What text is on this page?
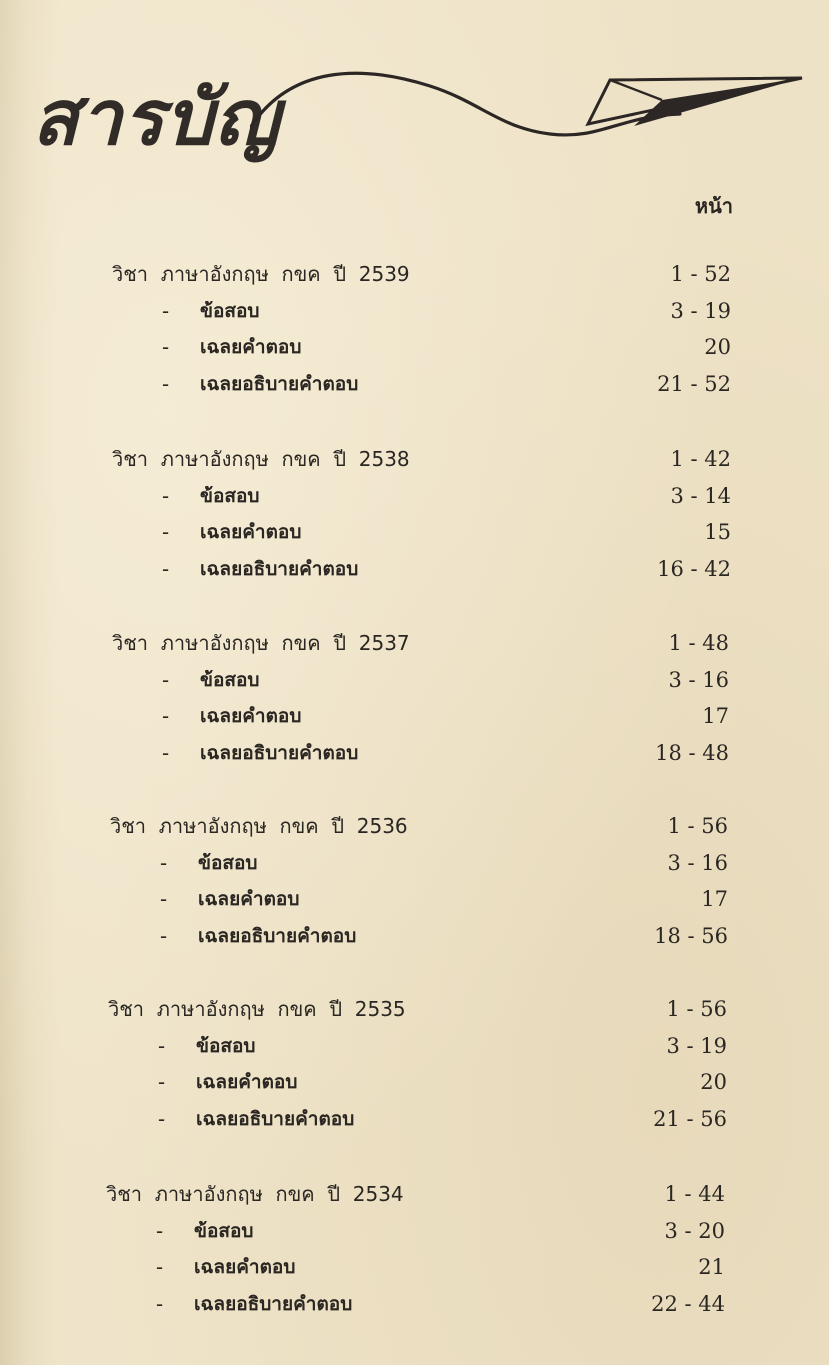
สารบัญ
หน้า
วิชา  ภาษาอังกฤษ  กขค  ปี  2539	1 - 52
- ข้อสอบ	3 - 19
- เฉลยคำตอบ	20
- เฉลยอธิบายคำตอบ	21 - 52
วิชา  ภาษาอังกฤษ  กขค  ปี  2538	1 - 42
- ข้อสอบ	3 - 14
- เฉลยคำตอบ	15
- เฉลยอธิบายคำตอบ	16 - 42
วิชา  ภาษาอังกฤษ  กขค  ปี  2537	1 - 48
- ข้อสอบ	3 - 16
- เฉลยคำตอบ	17
- เฉลยอธิบายคำตอบ	18 - 48
วิชา  ภาษาอังกฤษ  กขค  ปี  2536	1 - 56
- ข้อสอบ	3 - 16
- เฉลยคำตอบ	17
- เฉลยอธิบายคำตอบ	18 - 56
วิชา  ภาษาอังกฤษ  กขค  ปี  2535	1 - 56
- ข้อสอบ	3 - 19
- เฉลยคำตอบ	20
- เฉลยอธิบายคำตอบ	21 - 56
วิชา  ภาษาอังกฤษ  กขค  ปี  2534	1 - 44
- ข้อสอบ	3 - 20
- เฉลยคำตอบ	21
- เฉลยอธิบายคำตอบ	22 - 44
